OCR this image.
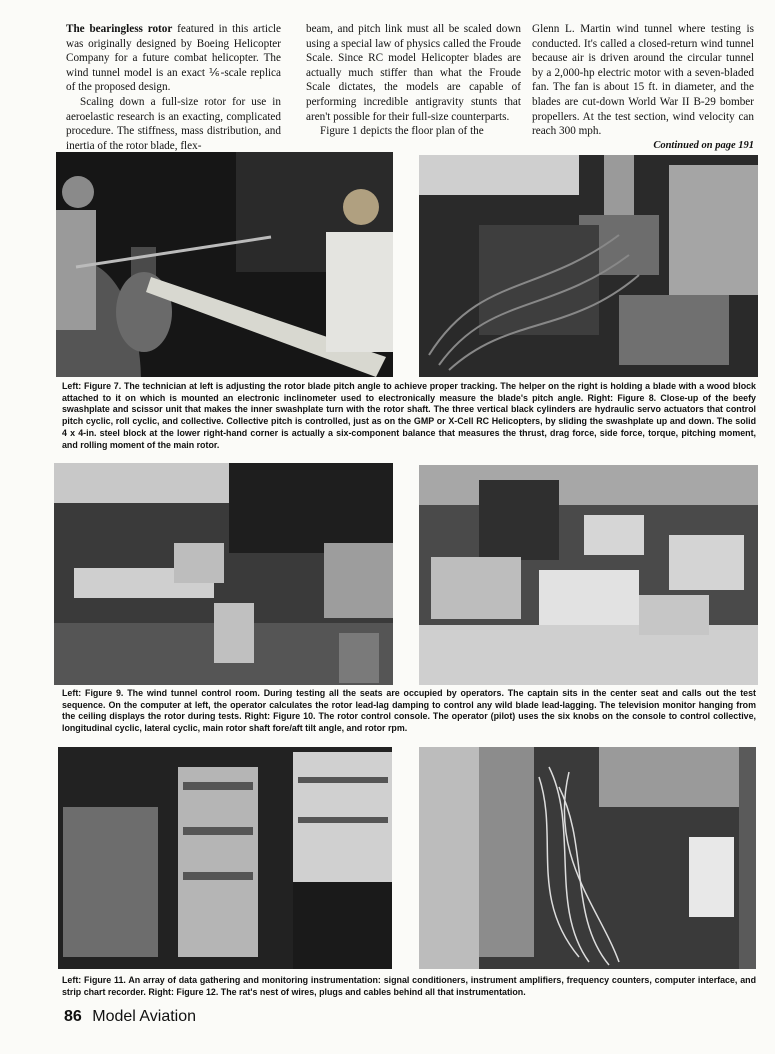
The bearingless rotor featured in this article was originally designed by Boeing Helicopter Company for a future combat helicopter. The wind tunnel model is an exact ⅙-scale replica of the proposed design.

Scaling down a full-size rotor for use in aeroelastic research is an exacting, complicated procedure. The stiffness, mass distribution, and inertia of the rotor blade, flex-

beam, and pitch link must all be scaled down using a special law of physics called the Froude Scale. Since RC model Helicopter blades are actually much stiffer than what the Froude Scale dictates, the models are capable of performing incredible antigravity stunts that aren't possible for their full-size counterparts.

Figure 1 depicts the floor plan of the

Glenn L. Martin wind tunnel where testing is conducted. It's called a closed-return wind tunnel because air is driven around the circular tunnel by a 2,000-hp electric motor with a seven-bladed fan. The fan is about 15 ft. in diameter, and the blades are cut-down World War II B-29 bomber propellers. At the test section, wind velocity can reach 300 mph.

Continued on page 191

Left: Figure 7. The technician at left is adjusting the rotor blade pitch angle to achieve proper tracking. The helper on the right is holding a blade with a wood block attached to it on which is mounted an electronic inclinometer used to electronically measure the blade's pitch angle. Right: Figure 8. Close-up of the beefy swashplate and scissor unit that makes the inner swashplate turn with the rotor shaft. The three vertical black cylinders are hydraulic servo actuators that control pitch cyclic, roll cyclic, and collective. Collective pitch is controlled, just as on the GMP or X-Cell RC Helicopters, by sliding the swashplate up and down. The solid 4 x 4-in. steel block at the lower right-hand corner is actually a six-component balance that measures the thrust, drag force, side force, torque, pitching moment, and rolling moment of the main rotor.

Left: Figure 9. The wind tunnel control room. During testing all the seats are occupied by operators. The captain sits in the center seat and calls out the test sequence. On the computer at left, the operator calculates the rotor lead-lag damping to control any wild blade lead-lagging. The television monitor hanging from the ceiling displays the rotor during tests. Right: Figure 10. The rotor control console. The operator (pilot) uses the six knobs on the console to control collective, longitudinal cyclic, lateral cyclic, main rotor shaft fore/aft tilt angle, and rotor rpm.

Left: Figure 11. An array of data gathering and monitoring instrumentation: signal conditioners, instrument amplifiers, frequency counters, computer interface, and strip chart recorder. Right: Figure 12. The rat's nest of wires, plugs and cables behind all that instrumentation.

86 Model Aviation
